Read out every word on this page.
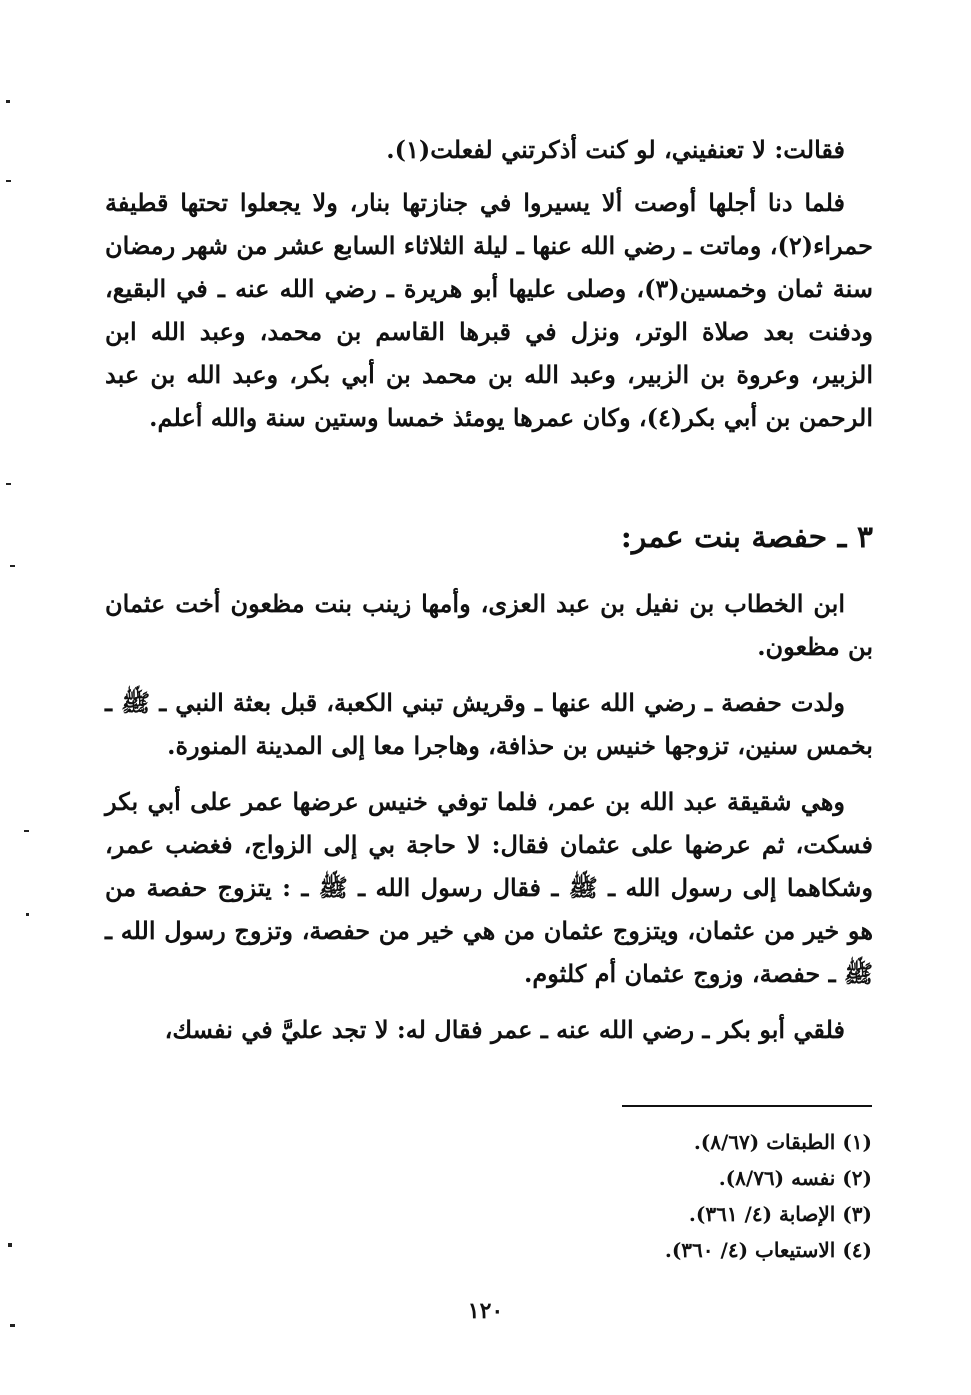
فقالت: لا تعنفيني، لو كنت أذكرتني لفعلت(١).

فلما دنا أجلها أوصت ألا يسيروا في جنازتها بنار، ولا يجعلوا تحتها قطيفة حمراء(٢)، وماتت ـ رضي الله عنها ـ ليلة الثلاثاء السابع عشر من شهر رمضان سنة ثمان وخمسين(٣)، وصلى عليها أبو هريرة ـ رضي الله عنه ـ في البقيع، ودفنت بعد صلاة الوتر، ونزل في قبرها القاسم بن محمد، وعبد الله ابن الزبير، وعروة بن الزبير، وعبد الله بن محمد بن أبي بكر، وعبد الله بن عبد الرحمن بن أبي بكر(٤)، وكان عمرها يومئذ خمسا وستين سنة والله أعلم.

٣ ـ حفصة بنت عمر:

ابن الخطاب بن نفيل بن عبد العزى، وأمها زينب بنت مظعون أخت عثمان بن مظعون.

ولدت حفصة ـ رضي الله عنها ـ وقريش تبني الكعبة، قبل بعثة النبي ـ ﷺ ـ بخمس سنين، تزوجها خنيس بن حذافة، وهاجرا معا إلى المدينة المنورة.

وهي شقيقة عبد الله بن عمر، فلما توفي خنيس عرضها عمر على أبي بكر فسكت، ثم عرضها على عثمان فقال: لا حاجة بي إلى الزواج، فغضب عمر، وشكاهما إلى رسول الله ـ ﷺ ـ فقال رسول الله ـ ﷺ ـ : يتزوج حفصة من هو خير من عثمان، ويتزوج عثمان من هي خير من حفصة، وتزوج رسول الله ـ ﷺ ـ حفصة، وزوج عثمان أم كلثوم.

فلقي أبو بكر ـ رضي الله عنه ـ عمر فقال له: لا تجد عليَّ في نفسك،

(١) الطبقات (٨/٦٧).
(٢) نفسه (٨/٧٦).
(٣) الإصابة (٤/ ٣٦١).
(٤) الاستيعاب (٤/ ٣٦٠).
١٢٠
